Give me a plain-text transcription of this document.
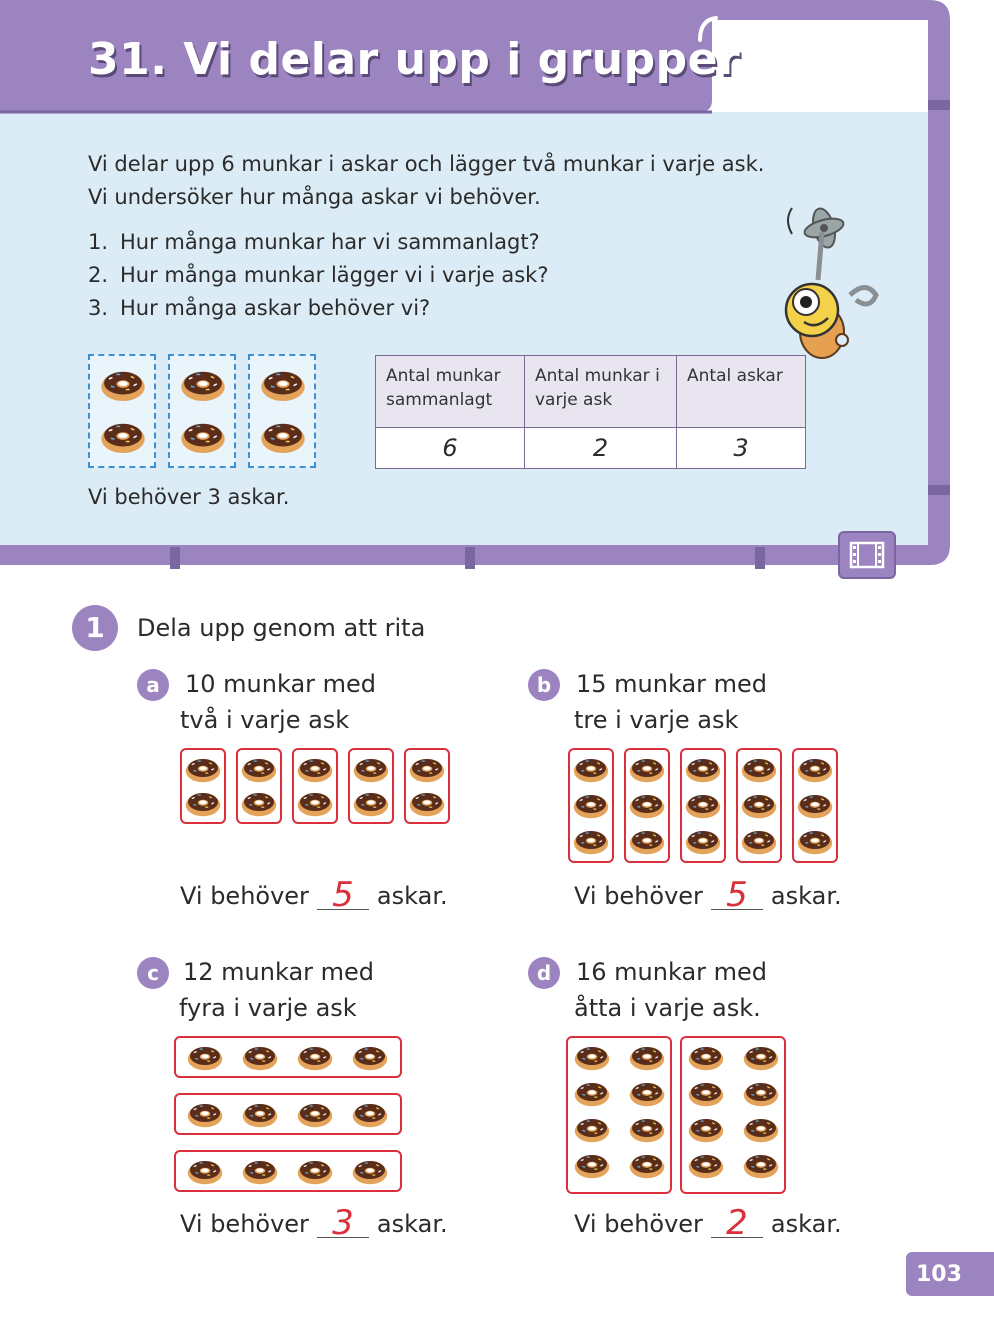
31. Vi delar upp i grupper
Vi delar upp 6 munkar i askar och lägger två munkar i varje ask.
Vi undersöker hur många askar vi behöver.
1. Hur många munkar har vi sammanlagt?
2. Hur många munkar lägger vi i varje ask?
3. Hur många askar behöver vi?
Antal munkar sammanlagt	Antal munkar i varje ask	Antal askar
6	2	3
Vi behöver 3 askar.
1	Dela upp genom att rita
a	10 munkar med
två i varje ask
Vi behöver 5 askar.
b	15 munkar med
tre i varje ask
Vi behöver 5 askar.
c	12 munkar med
fyra i varje ask
Vi behöver 3 askar.
d	16 munkar med
åtta i varje ask.
Vi behöver 2 askar.
103
